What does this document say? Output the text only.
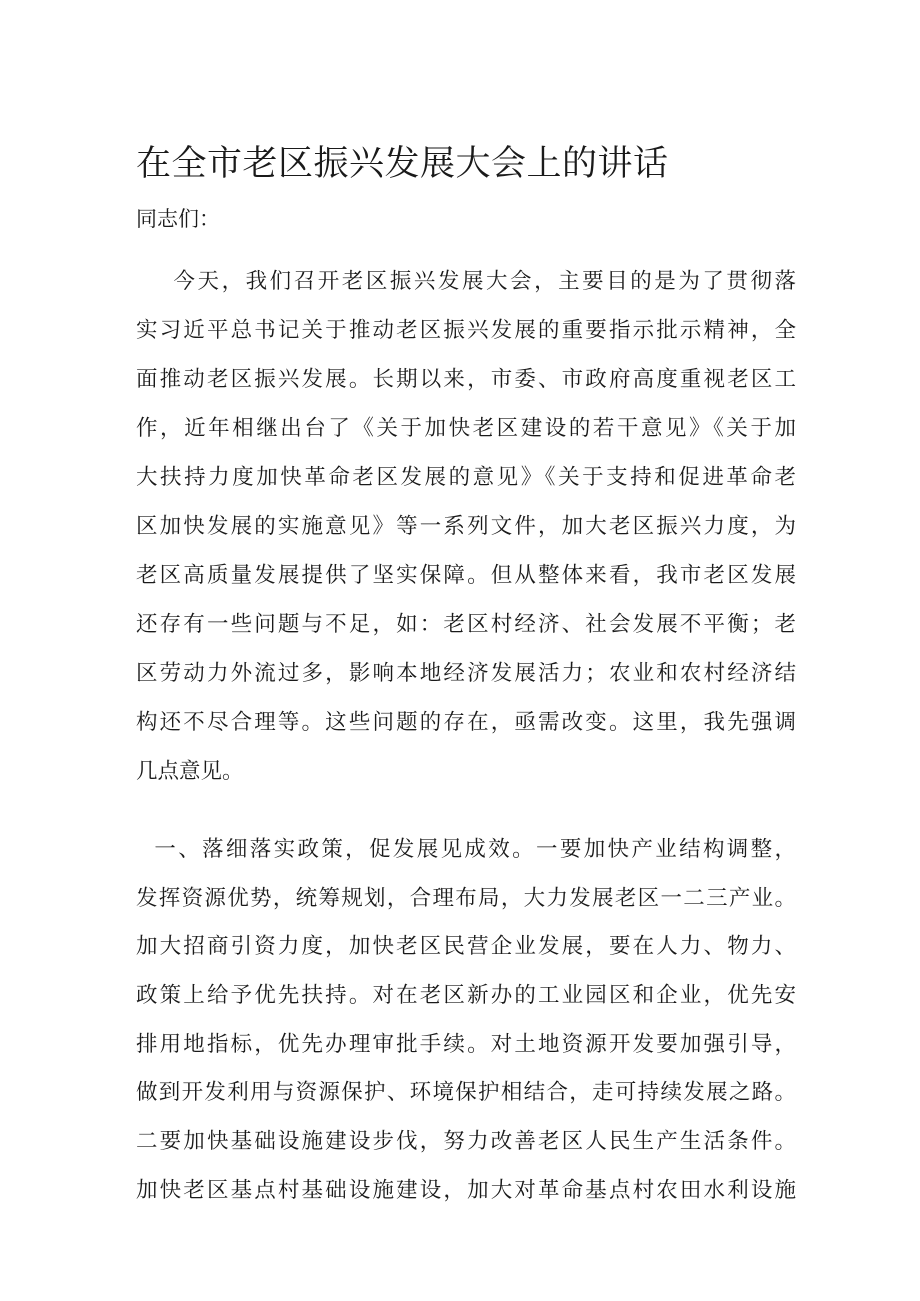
在全市老区振兴发展大会上的讲话
同志们：
今天，我们召开老区振兴发展大会，主要目的是为了贯彻落
实习近平总书记关于推动老区振兴发展的重要指示批示精神，全
面推动老区振兴发展。长期以来，市委、市政府高度重视老区工
作，近年相继出台了《关于加快老区建设的若干意见》《关于加
大扶持力度加快革命老区发展的意见》《关于支持和促进革命老
区加快发展的实施意见》等一系列文件，加大老区振兴力度，为
老区高质量发展提供了坚实保障。但从整体来看，我市老区发展
还存有一些问题与不足，如：老区村经济、社会发展不平衡；老
区劳动力外流过多，影响本地经济发展活力；农业和农村经济结
构还不尽合理等。这些问题的存在，亟需改变。这里，我先强调
几点意见。
一、落细落实政策，促发展见成效。一要加快产业结构调整，
发挥资源优势，统筹规划，合理布局，大力发展老区一二三产业。
加大招商引资力度，加快老区民营企业发展，要在人力、物力、
政策上给予优先扶持。对在老区新办的工业园区和企业，优先安
排用地指标，优先办理审批手续。对土地资源开发要加强引导，
做到开发利用与资源保护、环境保护相结合，走可持续发展之路。
二要加快基础设施建设步伐，努力改善老区人民生产生活条件。
加快老区基点村基础设施建设，加大对革命基点村农田水利设施
